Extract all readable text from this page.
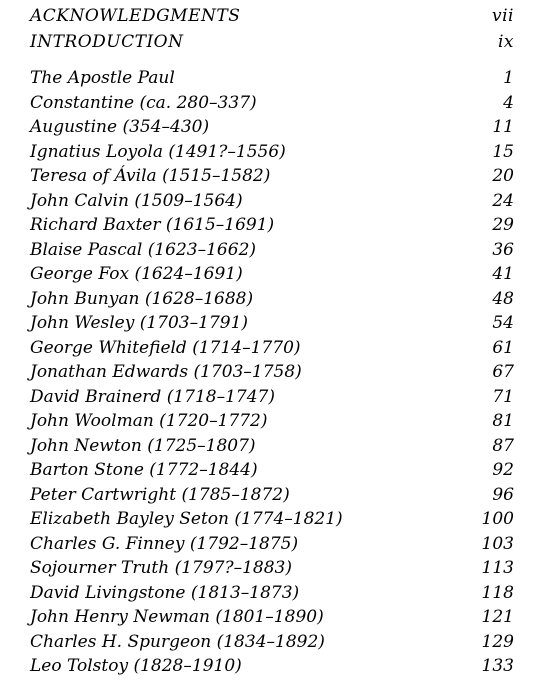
ACKNOWLEDGMENTS	vii
INTRODUCTION	ix
The Apostle Paul	1
Constantine (ca. 280–337)	4
Augustine (354–430)	11
Ignatius Loyola (1491?–1556)	15
Teresa of Ávila (1515–1582)	20
John Calvin (1509–1564)	24
Richard Baxter (1615–1691)	29
Blaise Pascal (1623–1662)	36
George Fox (1624–1691)	41
John Bunyan (1628–1688)	48
John Wesley (1703–1791)	54
George Whitefield (1714–1770)	61
Jonathan Edwards (1703–1758)	67
David Brainerd (1718–1747)	71
John Woolman (1720–1772)	81
John Newton (1725–1807)	87
Barton Stone (1772–1844)	92
Peter Cartwright (1785–1872)	96
Elizabeth Bayley Seton (1774–1821)	100
Charles G. Finney (1792–1875)	103
Sojourner Truth (1797?–1883)	113
David Livingstone (1813–1873)	118
John Henry Newman (1801–1890)	121
Charles H. Spurgeon (1834–1892)	129
Leo Tolstoy (1828–1910)	133
